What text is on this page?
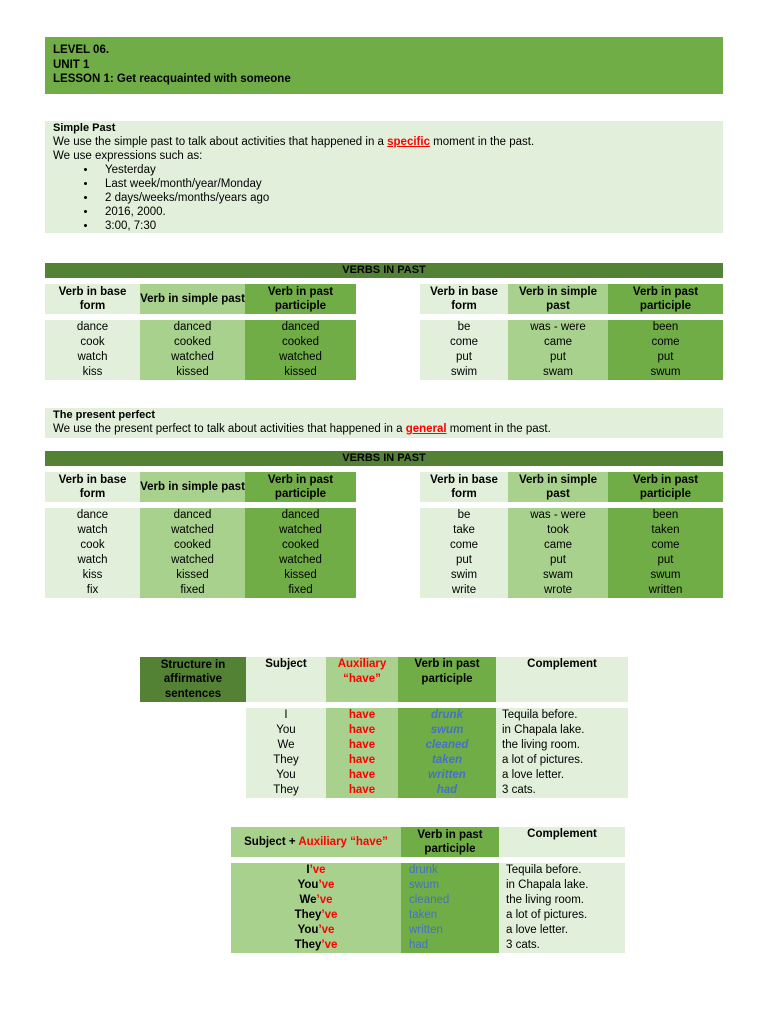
LEVEL 06.
UNIT 1
LESSON 1: Get reacquainted with someone
Simple Past
We use the simple past to talk about activities that happened in a specific moment in the past.
We use expressions such as:
• Yesterday
• Last week/month/year/Monday
• 2 days/weeks/months/years ago
• 2016, 2000.
• 3:00, 7:30
VERBS IN PAST
Verb in base form
Verb in simple past
Verb in past participle
Verb in base form
Verb in simple past
Verb in past participle
dance
cook
watch
kiss
danced
cooked
watched
kissed
danced
cooked
watched
kissed
be
come
put
swim
was - were
came
put
swam
been
come
put
swum
The present perfect
We use the present perfect to talk about activities that happened in a general moment in the past.
VERBS IN PAST
Verb in base form
Verb in simple past
Verb in past participle
Verb in base form
Verb in simple past
Verb in past participle
dance
watch
cook
watch
kiss
fix
danced
watched
cooked
watched
kissed
fixed
danced
watched
cooked
watched
kissed
fixed
be
take
come
put
swim
write
was - were
took
came
put
swam
wrote
been
taken
come
put
swum
written
Structure in affirmative sentences
Subject	Auxiliary “have”
Verb in past participle
Complement
I
You
We
They
You
They
have
have
have
have
have
have
drunk
swum
cleaned
taken
written
had
Tequila before.
in Chapala lake.
the living room.
a lot of pictures.
a love letter.
3 cats.
Subject + Auxiliary “have”
Verb in past participle
Complement
I’ve
You’ve
We’ve
They’ve
You’ve
They’ve
drunk
swum
cleaned
taken
written
had
Tequila before.
in Chapala lake.
the living room.
a lot of pictures.
a love letter.
3 cats.
